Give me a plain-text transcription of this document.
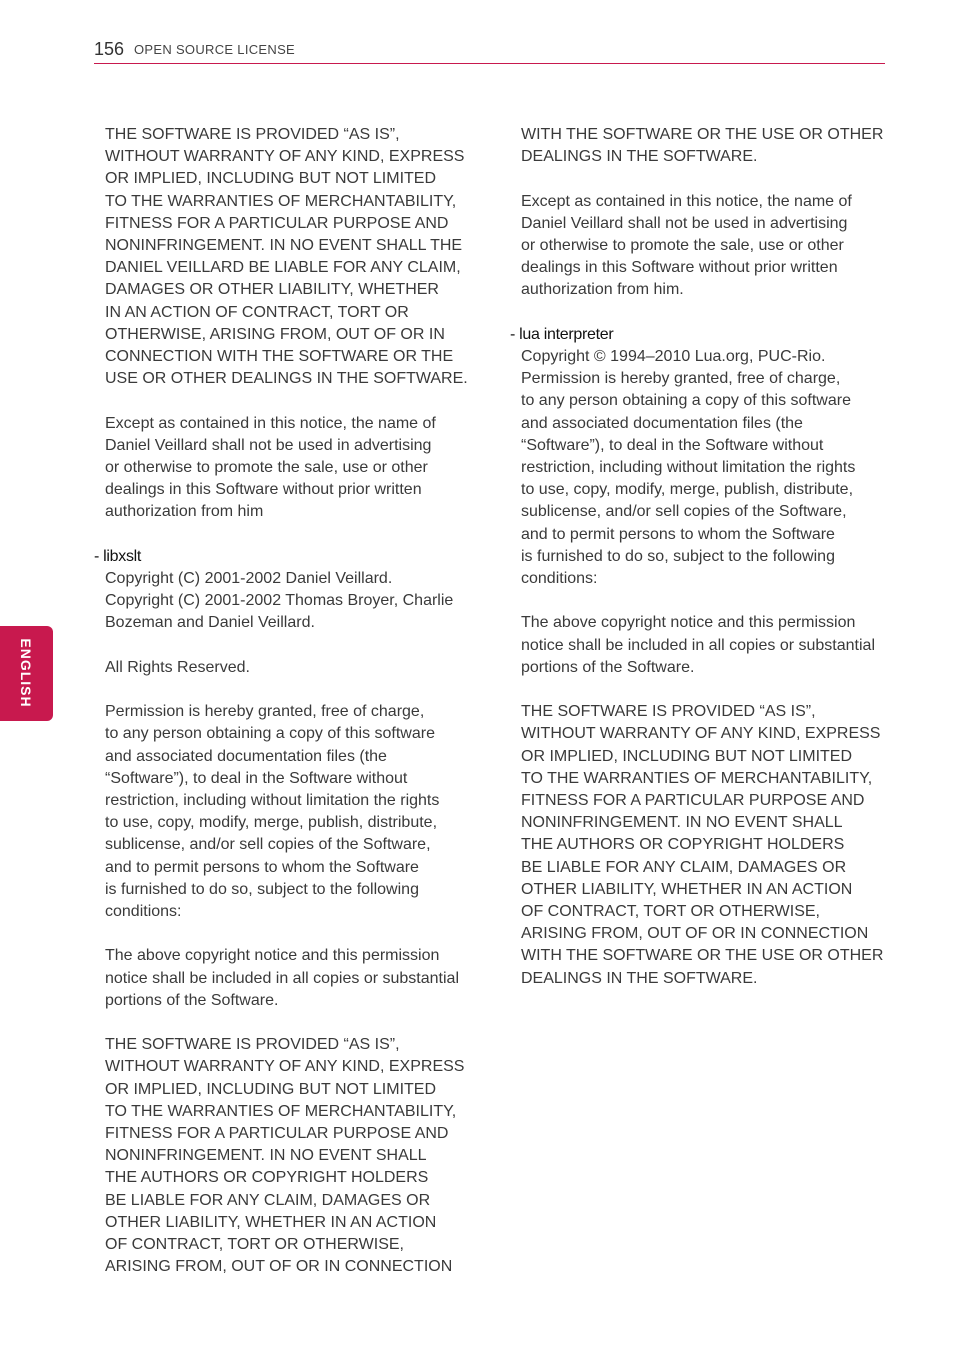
156 OPEN SOURCE LICENSE
ENGLISH
THE SOFTWARE IS PROVIDED “AS IS”,
WITHOUT WARRANTY OF ANY KIND, EXPRESS
OR IMPLIED, INCLUDING BUT NOT LIMITED
TO THE WARRANTIES OF MERCHANTABILITY,
FITNESS FOR A PARTICULAR PURPOSE AND
NONINFRINGEMENT. IN NO EVENT SHALL THE
DANIEL VEILLARD BE LIABLE FOR ANY CLAIM,
DAMAGES OR OTHER LIABILITY, WHETHER
IN AN ACTION OF CONTRACT, TORT OR
OTHERWISE, ARISING FROM, OUT OF OR IN
CONNECTION WITH THE SOFTWARE OR THE
USE OR OTHER DEALINGS IN THE SOFTWARE.
Except as contained in this notice, the name of
Daniel Veillard shall not be used in advertising
or otherwise to promote the sale, use or other
dealings in this Software without prior written
authorization from him
- libxslt
Copyright (C) 2001-2002 Daniel Veillard.
Copyright (C) 2001-2002 Thomas Broyer, Charlie
Bozeman and Daniel Veillard.
All Rights Reserved.
Permission is hereby granted, free of charge,
to any person obtaining a copy of this software
and associated documentation files (the
“Software”), to deal in the Software without
restriction, including without limitation the rights
to use, copy, modify, merge, publish, distribute,
sublicense, and/or sell copies of the Software,
and to permit persons to whom the Software
is furnished to do so, subject to the following
conditions:
The above copyright notice and this permission
notice shall be included in all copies or substantial
portions of the Software.
THE SOFTWARE IS PROVIDED “AS IS”,
WITHOUT WARRANTY OF ANY KIND, EXPRESS
OR IMPLIED, INCLUDING BUT NOT LIMITED
TO THE WARRANTIES OF MERCHANTABILITY,
FITNESS FOR A PARTICULAR PURPOSE AND
NONINFRINGEMENT. IN NO EVENT SHALL
THE AUTHORS OR COPYRIGHT HOLDERS
BE LIABLE FOR ANY CLAIM, DAMAGES OR
OTHER LIABILITY, WHETHER IN AN ACTION
OF CONTRACT, TORT OR OTHERWISE,
ARISING FROM, OUT OF OR IN CONNECTION
WITH THE SOFTWARE OR THE USE OR OTHER
DEALINGS IN THE SOFTWARE.
Except as contained in this notice, the name of
Daniel Veillard shall not be used in advertising
or otherwise to promote the sale, use or other
dealings in this Software without prior written
authorization from him.
- lua interpreter
Copyright © 1994–2010 Lua.org, PUC-Rio.
Permission is hereby granted, free of charge,
to any person obtaining a copy of this software
and associated documentation files (the
“Software”), to deal in the Software without
restriction, including without limitation the rights
to use, copy, modify, merge, publish, distribute,
sublicense, and/or sell copies of the Software,
and to permit persons to whom the Software
is furnished to do so, subject to the following
conditions:
The above copyright notice and this permission
notice shall be included in all copies or substantial
portions of the Software.
THE SOFTWARE IS PROVIDED “AS IS”,
WITHOUT WARRANTY OF ANY KIND, EXPRESS
OR IMPLIED, INCLUDING BUT NOT LIMITED
TO THE WARRANTIES OF MERCHANTABILITY,
FITNESS FOR A PARTICULAR PURPOSE AND
NONINFRINGEMENT. IN NO EVENT SHALL
THE AUTHORS OR COPYRIGHT HOLDERS
BE LIABLE FOR ANY CLAIM, DAMAGES OR
OTHER LIABILITY, WHETHER IN AN ACTION
OF CONTRACT, TORT OR OTHERWISE,
ARISING FROM, OUT OF OR IN CONNECTION
WITH THE SOFTWARE OR THE USE OR OTHER
DEALINGS IN THE SOFTWARE.
